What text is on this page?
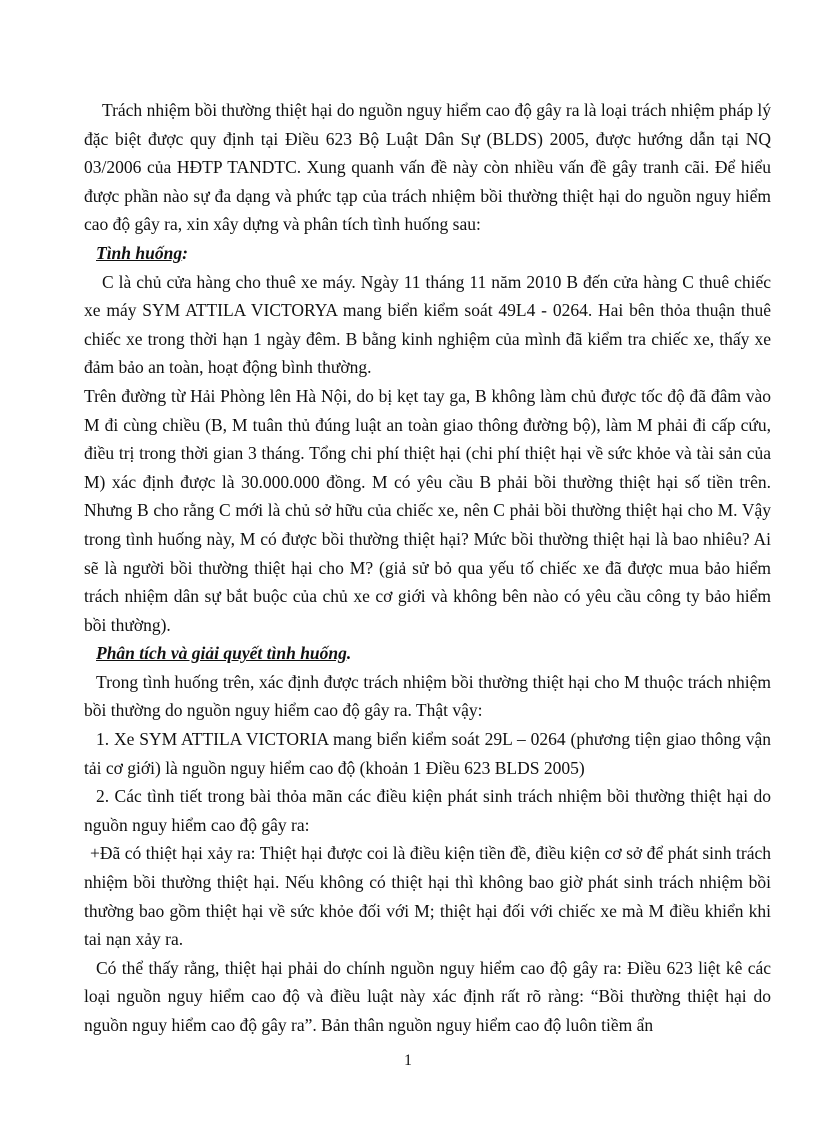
Trách nhiệm bồi thường thiệt hại do nguồn nguy hiểm cao độ gây ra là loại trách nhiệm pháp lý đặc biệt được quy định tại Điều 623 Bộ Luật Dân Sự (BLDS) 2005, được hướng dẫn tại NQ 03/2006 của HĐTP TANDTC. Xung quanh vấn đề này còn nhiều vấn đề gây tranh cãi. Để hiểu được phần nào sự đa dạng và phức tạp của trách nhiệm bồi thường thiệt hại do nguồn nguy hiểm cao độ gây ra, xin xây dựng và phân tích tình huống sau:

Tình huống:

C là chủ cửa hàng cho thuê xe máy. Ngày 11 tháng 11 năm 2010 B đến cửa hàng C thuê chiếc xe máy SYM ATTILA VICTORYA mang biển kiểm soát 49L4 - 0264. Hai bên thỏa thuận thuê chiếc xe trong thời hạn 1 ngày đêm. B bằng kinh nghiệm của mình đã kiểm tra chiếc xe, thấy xe đảm bảo an toàn, hoạt động bình thường.

Trên đường từ Hải Phòng lên Hà Nội, do bị kẹt tay ga, B không làm chủ được tốc độ đã đâm vào M đi cùng chiều (B, M tuân thủ đúng luật an toàn giao thông đường bộ), làm M phải đi cấp cứu, điều trị trong thời gian 3 tháng. Tổng chi phí thiệt hại (chi phí thiệt hại về sức khỏe và tài sản của M) xác định được là 30.000.000 đồng. M có yêu cầu B phải bồi thường thiệt hại số tiền trên. Nhưng B cho rằng C mới là chủ sở hữu của chiếc xe, nên C phải bồi thường thiệt hại cho M. Vậy trong tình huống này, M có được bồi thường thiệt hại? Mức bồi thường thiệt hại là bao nhiêu? Ai sẽ là người bồi thường thiệt hại cho M? (giả sử bỏ qua yếu tố chiếc xe đã được mua bảo hiểm trách nhiệm dân sự bắt buộc của chủ xe cơ giới và không bên nào có yêu cầu công ty bảo hiểm bồi thường).

Phân tích và giải quyết tình huống.

Trong tình huống trên, xác định được trách nhiệm bồi thường thiệt hại cho M thuộc trách nhiệm bồi thường do nguồn nguy hiểm cao độ gây ra. Thật vậy:

1. Xe SYM ATTILA VICTORIA mang biển kiểm soát 29L – 0264 (phương tiện giao thông vận tải cơ giới) là nguồn nguy hiểm cao độ (khoản 1 Điều 623 BLDS 2005)

2. Các tình tiết trong bài thỏa mãn các điều kiện phát sinh trách nhiệm bồi thường thiệt hại do nguồn nguy hiểm cao độ gây ra:

+Đã có thiệt hại xảy ra: Thiệt hại được coi là điều kiện tiền đề, điều kiện cơ sở để phát sinh trách nhiệm bồi thường thiệt hại. Nếu không có thiệt hại thì không bao giờ phát sinh trách nhiệm bồi thường bao gồm thiệt hại về sức khỏe đối với M; thiệt hại đối với chiếc xe mà M điều khiển khi tai nạn xảy ra.

Có thể thấy rằng, thiệt hại phải do chính nguồn nguy hiểm cao độ gây ra: Điều 623 liệt kê các loại nguồn nguy hiểm cao độ và điều luật này xác định rất rõ ràng: “Bồi thường thiệt hại do nguồn nguy hiểm cao độ gây ra”. Bản thân nguồn nguy hiểm cao độ luôn tiềm ẩn

1
